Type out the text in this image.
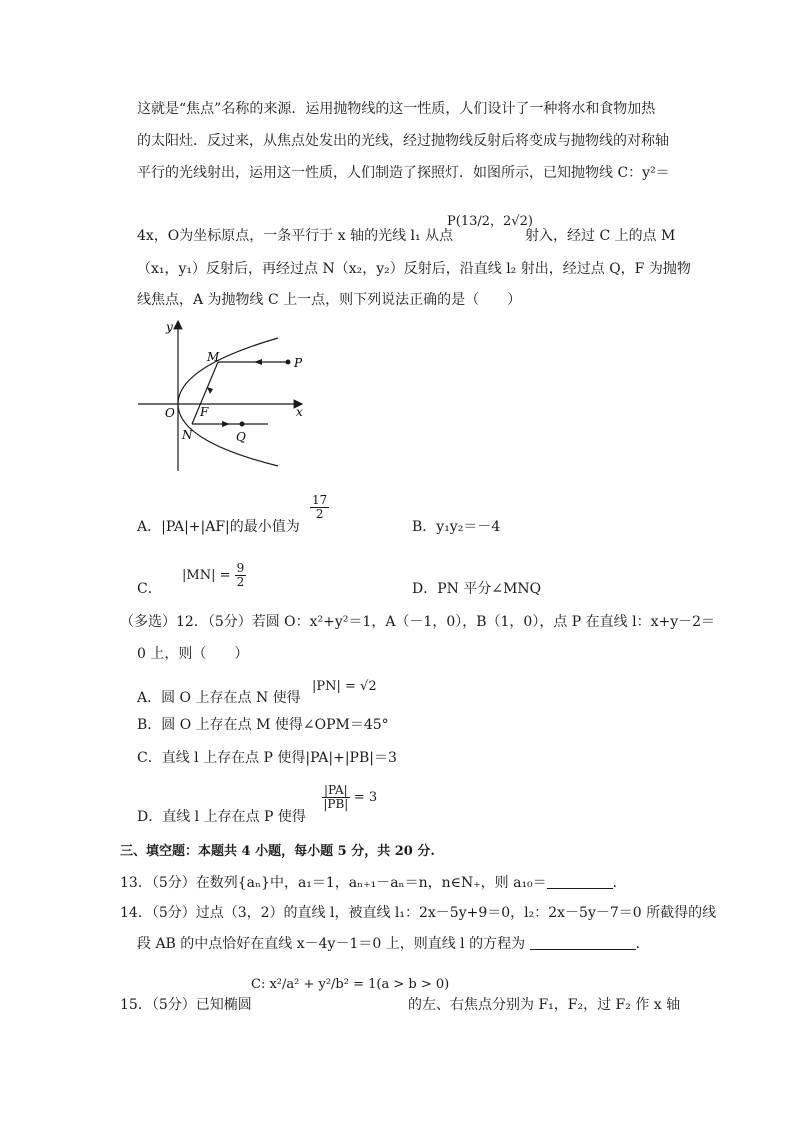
这就是“焦点”名称的来源．运用抛物线的这一性质，人们设计了一种将水和食物加热
的太阳灶．反过来，从焦点处发出的光线，经过抛物线反射后将变成与抛物线的对称轴
平行的光线射出，运用这一性质，人们制造了探照灯．如图所示，已知抛物线 C：y²＝
4x，O为坐标原点，一条平行于 x 轴的光线 l₁ 从点
P(13/2，2√2)
射入，经过 C 上的点 M
（x₁，y₁）反射后，再经过点 N（x₂，y₂）反射后，沿直线 l₂ 射出，经过点 Q，F 为抛物
线焦点，A 为抛物线 C 上一点，则下列说法正确的是（　　）
y
x
O F
M
N
P
Q
A．|PA|+|AF|的最小值为
$\frac{17}{2}$
B．y₁y₂＝－4
C．
$|MN| = \frac{9}{2}$	D．PN 平分∠MNQ
（多选）12．（5分）若圆 O：x²+y²＝1，A（－1，0），B（1，0），点 P 在直线 l：x+y－2＝
0 上，则（　　）
A．圆 O 上存在点 N 使得
|PN| = √2
B．圆 O 上存在点 M 使得∠OPM＝45°
C．直线 l 上存在点 P 使得|PA|+|PB|＝3
D．直线 l 上存在点 P 使得
$\frac{|PA|}{|PB|} = 3$
三、填空题：本题共 4 小题，每小题 5 分，共 20 分.
13．（5分）在数列{aₙ}中，a₁＝1，aₙ₊₁－aₙ＝n，n∈N₊，则 a₁₀＝	．
14．（5分）过点（3，2）的直线 l，被直线 l₁：2x－5y+9＝0，l₂：2x－5y－7＝0 所截得的线
段 AB 的中点恰好在直线 x－4y－1＝0 上，则直线 l 的方程为	．
15．（5分）已知椭圆
C: x²/a² + y²/b² = 1(a > b > 0)
的左、右焦点分别为 F₁，F₂，过 F₂ 作 x 轴
